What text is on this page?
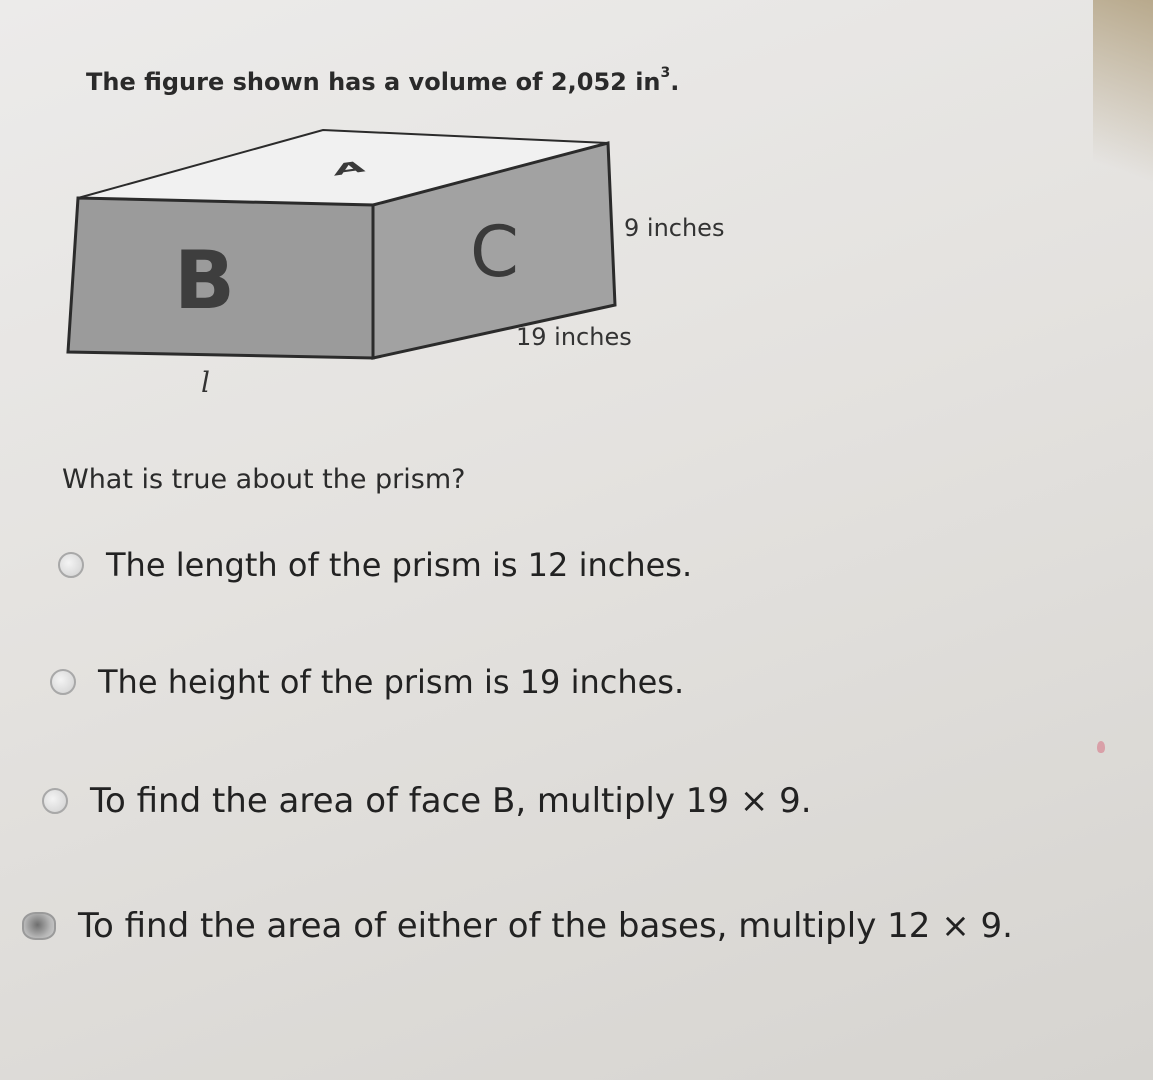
The figure shown has a volume of 2,052 $in^3$.
A
B	C	9 inches
19 inches
l
What is true about the prism?
The length of the prism is 12 inches.
The height of the prism is 19 inches.
To find the area of face B, multiply 19 × 9.
To find the area of either of the bases, multiply 12 × 9.
